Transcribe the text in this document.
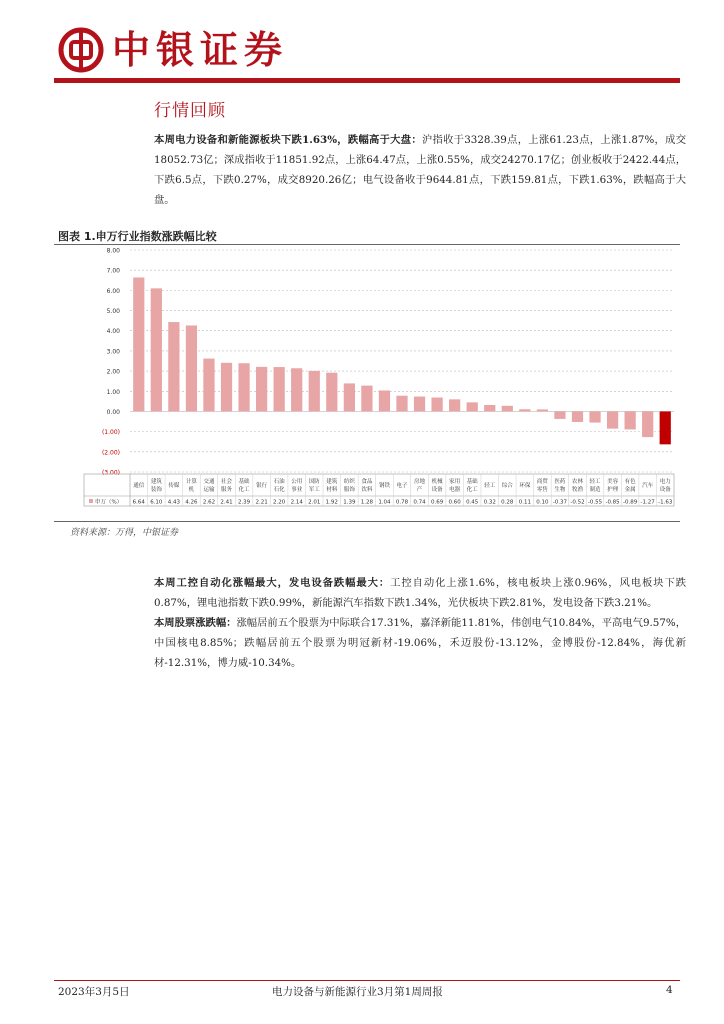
中银证券
行情回顾
本周电力设备和新能源板块下跌1.63%，跌幅高于大盘：沪指收于3328.39点，上涨61.23点，上涨1.87%，成交18052.73亿；深成指收于11851.92点，上涨64.47点，上涨0.55%，成交24270.17亿；创业板收于2422.44点，下跌6.5点，下跌0.27%，成交8920.26亿；电气设备收于9644.81点，下跌159.81点，下跌1.63%，跌幅高于大盘。
图表 1.申万行业指数涨跌幅比较
8.00
7.00
6.00
5.00
4.00
3.00
2.00
1.00
0.00
(1.00)
(2.00)
(3.00)
申万（%）
通信
6.64
建筑
装饰
6.10
传媒
4.43
计算
机
4.26
交通
运输
2.62
社会
服务
2.41
基础
化工
2.39
银行
2.21
石油
石化
2.20
公用
事业
2.14
国防
军工
2.01
建筑
材料
1.92
纺织
服饰
1.39
食品
饮料
1.28
钢铁
1.04
电子
0.78
房地
产
0.74
机械
设备
0.69
家用
电器
0.60
基础
化工
0.45
轻工
0.32
综合
0.28
环保
0.11
商贸
零售
0.10
医药
生物
-0.37
农林
牧渔
-0.52
轻工
制造
-0.55
美容
护理
-0.85
有色
金属
-0.89
汽车
-1.27
电力
设备
-1.63
资料来源：万得，中银证券
本周工控自动化涨幅最大，发电设备跌幅最大：工控自动化上涨1.6%，核电板块上涨0.96%，风电板块下跌0.87%，锂电池指数下跌0.99%，新能源汽车指数下跌1.34%，光伏板块下跌2.81%，发电设备下跌3.21%。
本周股票涨跌幅：涨幅居前五个股票为中际联合17.31%，嘉泽新能11.81%，伟创电气10.84%，平高电气9.57%，中国核电8.85%；跌幅居前五个股票为明冠新材-19.06%，禾迈股份-13.12%，金博股份-12.84%，海优新材-12.31%，博力威-10.34%。
2023年3月5日	电力设备与新能源行业3月第1周周报	4
